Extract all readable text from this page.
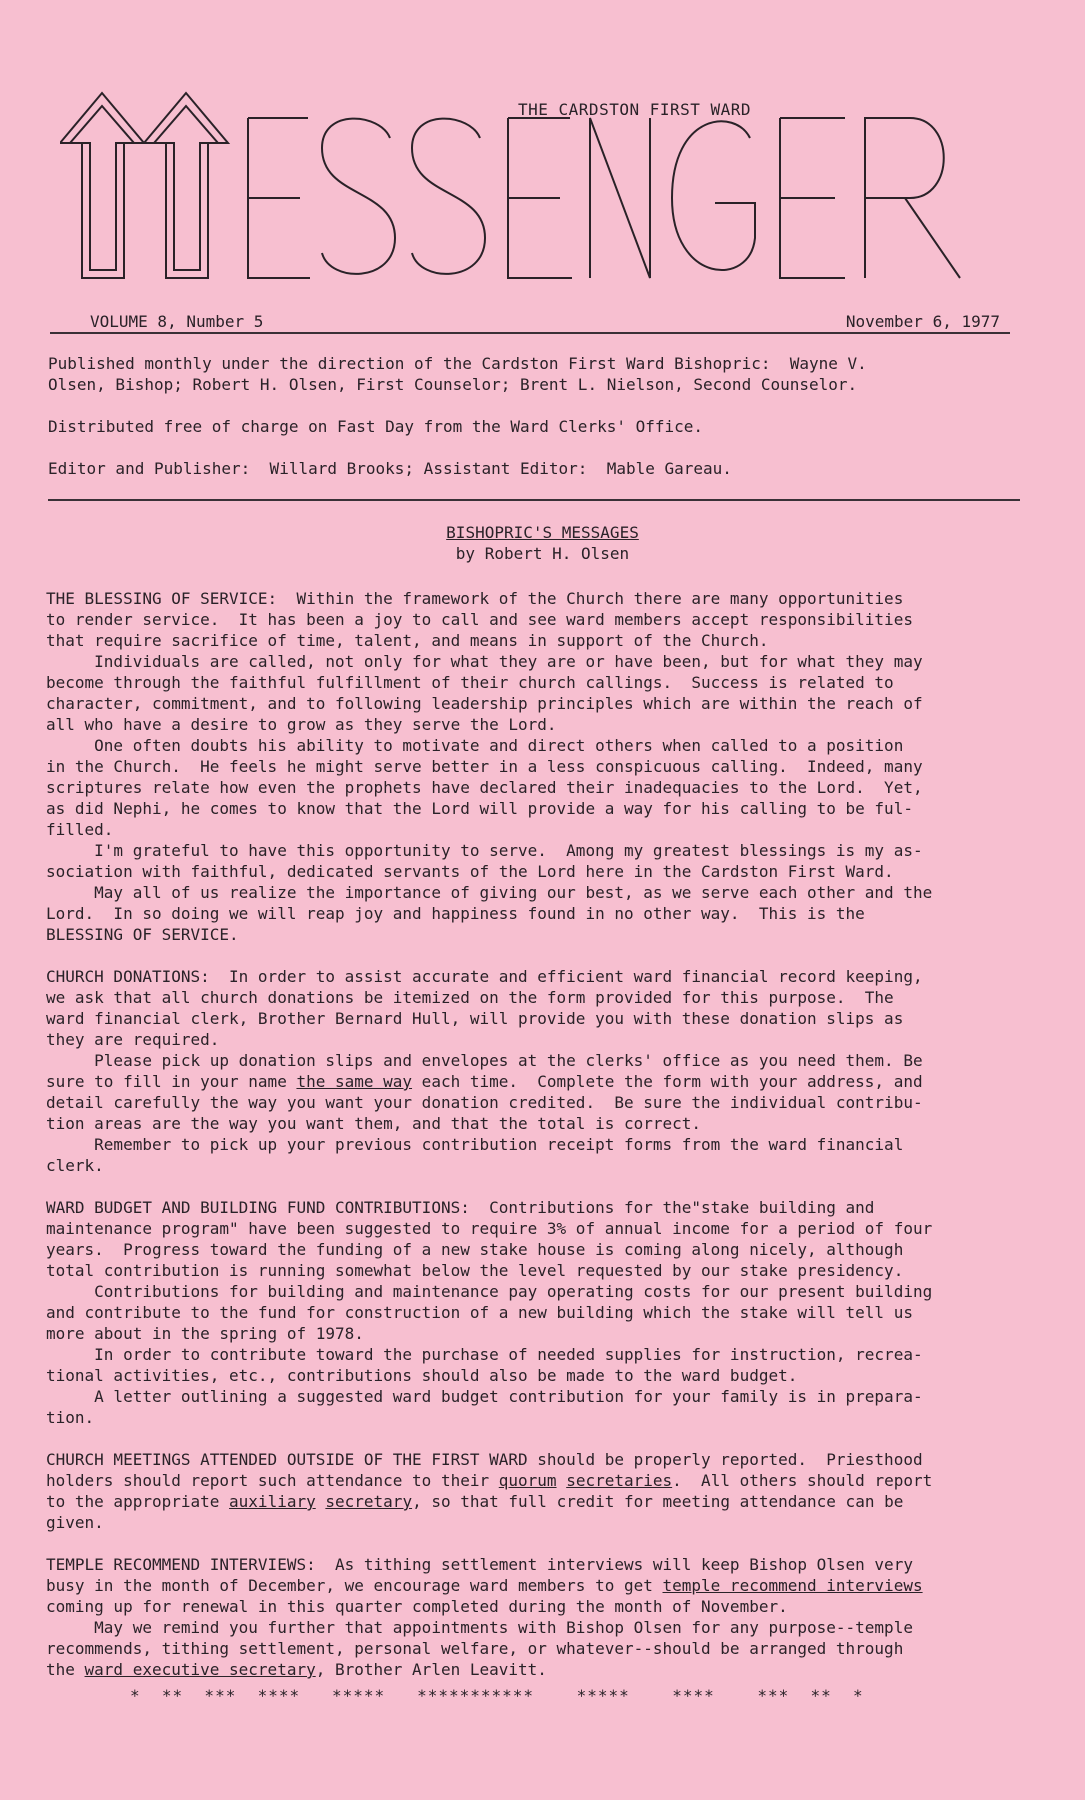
THE CARDSTON FIRST WARD
VOLUME 8, Number 5	November 6, 1977

Published monthly under the direction of the Cardston First Ward Bishopric:  Wayne V.

Olsen, Bishop; Robert H. Olsen, First Counselor; Brent L. Nielson, Second Counselor.

Distributed free of charge on Fast Day from the Ward Clerks' Office.

Editor and Publisher:  Willard Brooks; Assistant Editor:  Mable Gareau.

BISHOPRIC'S MESSAGES
by Robert H. Olsen

THE BLESSING OF SERVICE:  Within the framework of the Church there are many opportunities

to render service.  It has been a joy to call and see ward members accept responsibilities

that require sacrifice of time, talent, and means in support of the Church.

Individuals are called, not only for what they are or have been, but for what they may

become through the faithful fulfillment of their church callings.  Success is related to

character, commitment, and to following leadership principles which are within the reach of

all who have a desire to grow as they serve the Lord.

One often doubts his ability to motivate and direct others when called to a position

in the Church.  He feels he might serve better in a less conspicuous calling.  Indeed, many

scriptures relate how even the prophets have declared their inadequacies to the Lord.  Yet,

as did Nephi, he comes to know that the Lord will provide a way for his calling to be ful-

filled.

I'm grateful to have this opportunity to serve.  Among my greatest blessings is my as-

sociation with faithful, dedicated servants of the Lord here in the Cardston First Ward.

May all of us realize the importance of giving our best, as we serve each other and the

Lord.  In so doing we will reap joy and happiness found in no other way.  This is the

BLESSING OF SERVICE.

CHURCH DONATIONS:  In order to assist accurate and efficient ward financial record keeping,

we ask that all church donations be itemized on the form provided for this purpose.  The

ward financial clerk, Brother Bernard Hull, will provide you with these donation slips as

they are required.

Please pick up donation slips and envelopes at the clerks' office as you need them. Be

sure to fill in your name the same way each time.  Complete the form with your address, and

detail carefully the way you want your donation credited.  Be sure the individual contribu-

tion areas are the way you want them, and that the total is correct.

Remember to pick up your previous contribution receipt forms from the ward financial

clerk.

WARD BUDGET AND BUILDING FUND CONTRIBUTIONS:  Contributions for the"stake building and

maintenance program" have been suggested to require 3% of annual income for a period of four

years.  Progress toward the funding of a new stake house is coming along nicely, although

total contribution is running somewhat below the level requested by our stake presidency.

Contributions for building and maintenance pay operating costs for our present building

and contribute to the fund for construction of a new building which the stake will tell us

more about in the spring of 1978.

In order to contribute toward the purchase of needed supplies for instruction, recrea-

tional activities, etc., contributions should also be made to the ward budget.

A letter outlining a suggested ward budget contribution for your family is in prepara-

tion.

CHURCH MEETINGS ATTENDED OUTSIDE OF THE FIRST WARD should be properly reported.  Priesthood

holders should report such attendance to their quorum secretaries.  All others should report

to the appropriate auxiliary secretary, so that full credit for meeting attendance can be

given.

TEMPLE RECOMMEND INTERVIEWS:  As tithing settlement interviews will keep Bishop Olsen very

busy in the month of December, we encourage ward members to get temple recommend interviews

coming up for renewal in this quarter completed during the month of November.

May we remind you further that appointments with Bishop Olsen for any purpose--temple

recommends, tithing settlement, personal welfare, or whatever--should be arranged through

the ward executive secretary, Brother Arlen Leavitt.

*  **  ***  ****   *****   ***********    *****    ****    ***  **  *
